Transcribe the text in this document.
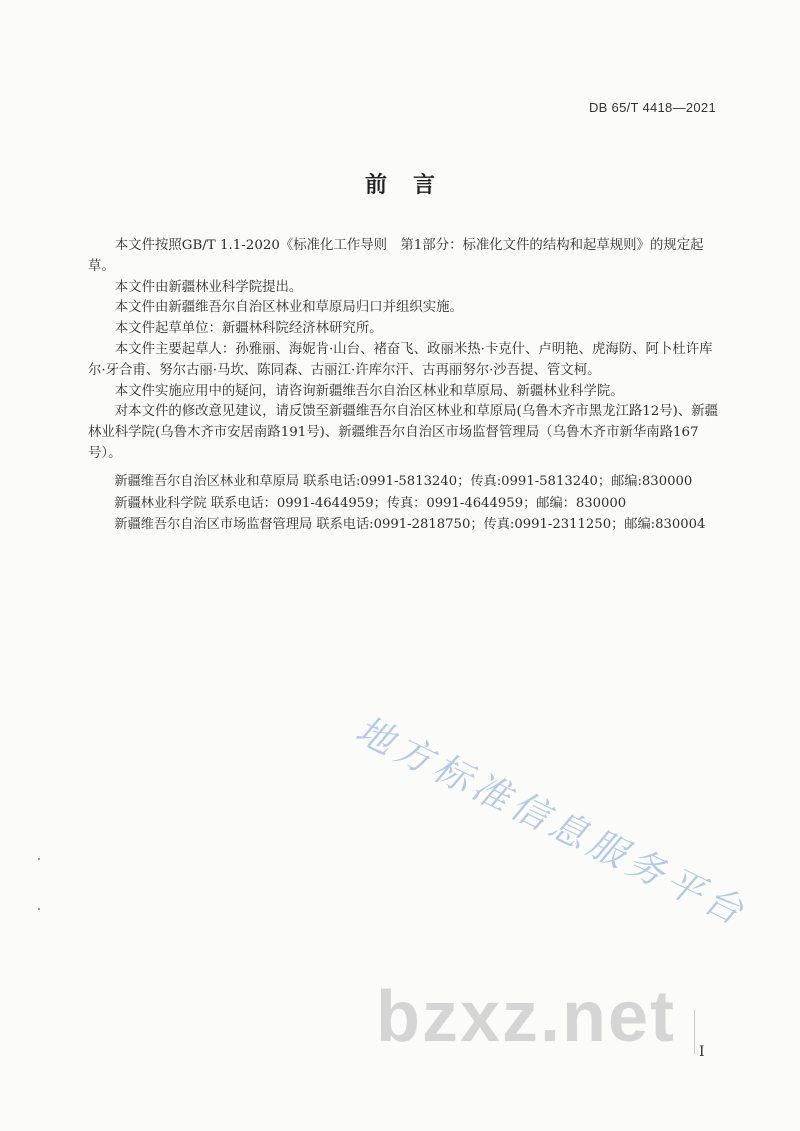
DB 65/T 4418—2021
前言

本文件按照GB/T 1.1-2020《标准化工作导则　第1部分：标准化文件的结构和起草规则》的规定起草。

本文件由新疆林业科学院提出。

本文件由新疆维吾尔自治区林业和草原局归口并组织实施。

本文件起草单位：新疆林科院经济林研究所。

本文件主要起草人：孙雅丽、海妮肯·山台、褚奋飞、政丽米热·卡克什、卢明艳、虎海防、阿卜杜许库尔·牙合甫、努尔古丽·马坎、陈同森、古丽江·许库尔汗、古再丽努尔·沙吾提、管文柯。

本文件实施应用中的疑问，请咨询新疆维吾尔自治区林业和草原局、新疆林业科学院。

对本文件的修改意见建议，请反馈至新疆维吾尔自治区林业和草原局(乌鲁木齐市黑龙江路12号)、新疆林业科学院(乌鲁木齐市安居南路191号)、新疆维吾尔自治区市场监督管理局（乌鲁木齐市新华南路167号）。

新疆维吾尔自治区林业和草原局 联系电话:0991-5813240；传真:0991-5813240；邮编:830000

新疆林业科学院 联系电话：0991-4644959；传真：0991-4644959；邮编：830000

新疆维吾尔自治区市场监督管理局 联系电话:0991-2818750；传真:0991-2311250；邮编:830004

地方标准信息服务平台
bzxz.net I
